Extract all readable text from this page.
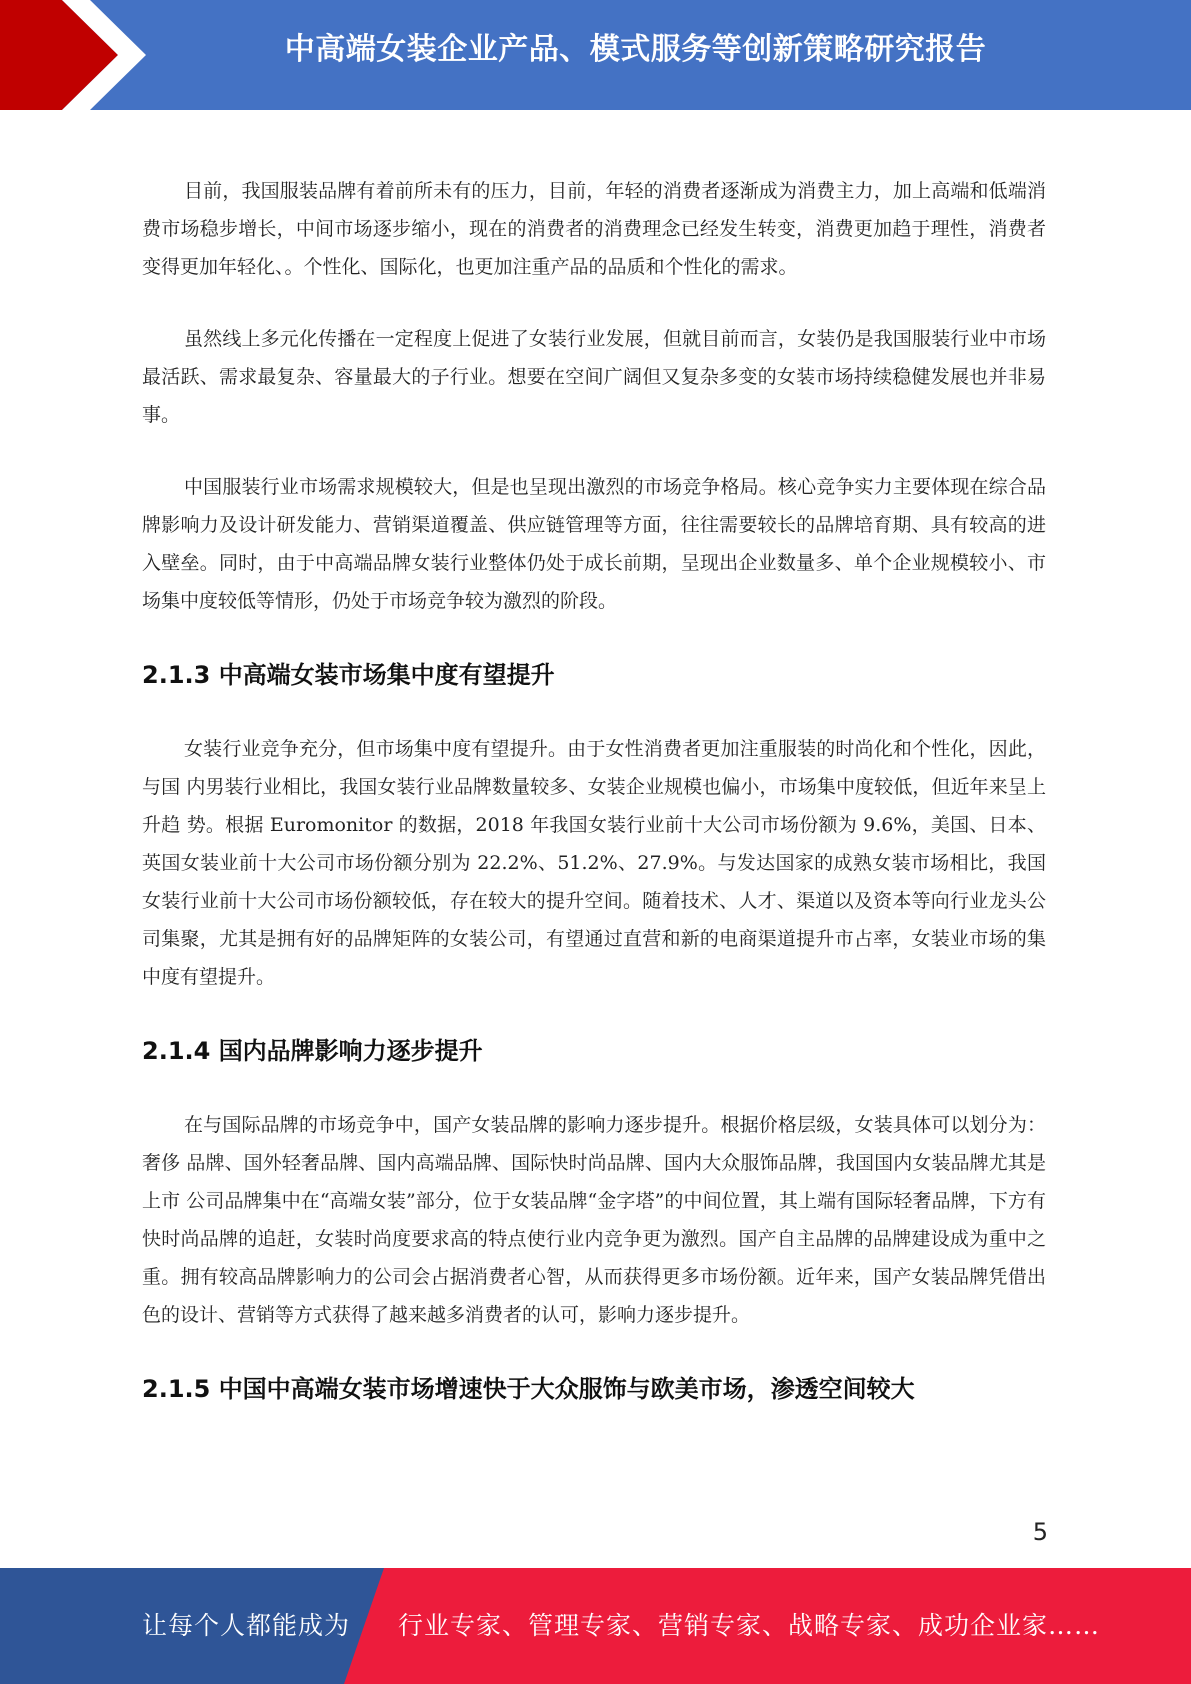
中高端女装企业产品、模式服务等创新策略研究报告

目前，我国服装品牌有着前所未有的压力，目前，年轻的消费者逐渐成为消费主力，加上高端和低端消费市场稳步增长，中间市场逐步缩小，现在的消费者的消费理念已经发生转变，消费更加趋于理性，消费者变得更加年轻化、。个性化、国际化，也更加注重产品的品质和个性化的需求。

虽然线上多元化传播在一定程度上促进了女装行业发展，但就目前而言，女装仍是我国服装行业中市场最活跃、需求最复杂、容量最大的子行业。想要在空间广阔但又复杂多变的女装市场持续稳健发展也并非易事。

中国服装行业市场需求规模较大，但是也呈现出激烈的市场竞争格局。核心竞争实力主要体现在综合品牌影响力及设计研发能力、营销渠道覆盖、供应链管理等方面，往往需要较长的品牌培育期、具有较高的进入壁垒。同时，由于中高端品牌女装行业整体仍处于成长前期，呈现出企业数量多、单个企业规模较小、市场集中度较低等情形，仍处于市场竞争较为激烈的阶段。

2.1.3 中高端女装市场集中度有望提升

女装行业竞争充分，但市场集中度有望提升。由于女性消费者更加注重服装的时尚化和个性化，因此，与国 内男装行业相比，我国女装行业品牌数量较多、女装企业规模也偏小，市场集中度较低，但近年来呈上升趋 势。根据 Euromonitor 的数据，2018 年我国女装行业前十大公司市场份额为 9.6%，美国、日本、英国女装业前十大公司市场份额分别为 22.2%、51.2%、27.9%。与发达国家的成熟女装市场相比，我国女装行业前十大公司市场份额较低，存在较大的提升空间。随着技术、人才、渠道以及资本等向行业龙头公司集聚，尤其是拥有好的品牌矩阵的女装公司，有望通过直营和新的电商渠道提升市占率，女装业市场的集中度有望提升。

2.1.4 国内品牌影响力逐步提升

在与国际品牌的市场竞争中，国产女装品牌的影响力逐步提升。根据价格层级，女装具体可以划分为：奢侈 品牌、国外轻奢品牌、国内高端品牌、国际快时尚品牌、国内大众服饰品牌，我国国内女装品牌尤其是上市 公司品牌集中在“高端女装”部分，位于女装品牌“金字塔”的中间位置，其上端有国际轻奢品牌，下方有 快时尚品牌的追赶，女装时尚度要求高的特点使行业内竞争更为激烈。国产自主品牌的品牌建设成为重中之 重。拥有较高品牌影响力的公司会占据消费者心智，从而获得更多市场份额。近年来，国产女装品牌凭借出 色的设计、营销等方式获得了越来越多消费者的认可，影响力逐步提升。

2.1.5 中国中高端女装市场增速快于大众服饰与欧美市场，渗透空间较大
5
让每个人都能成为 行业专家、管理专家、营销专家、战略专家、成功企业家……
